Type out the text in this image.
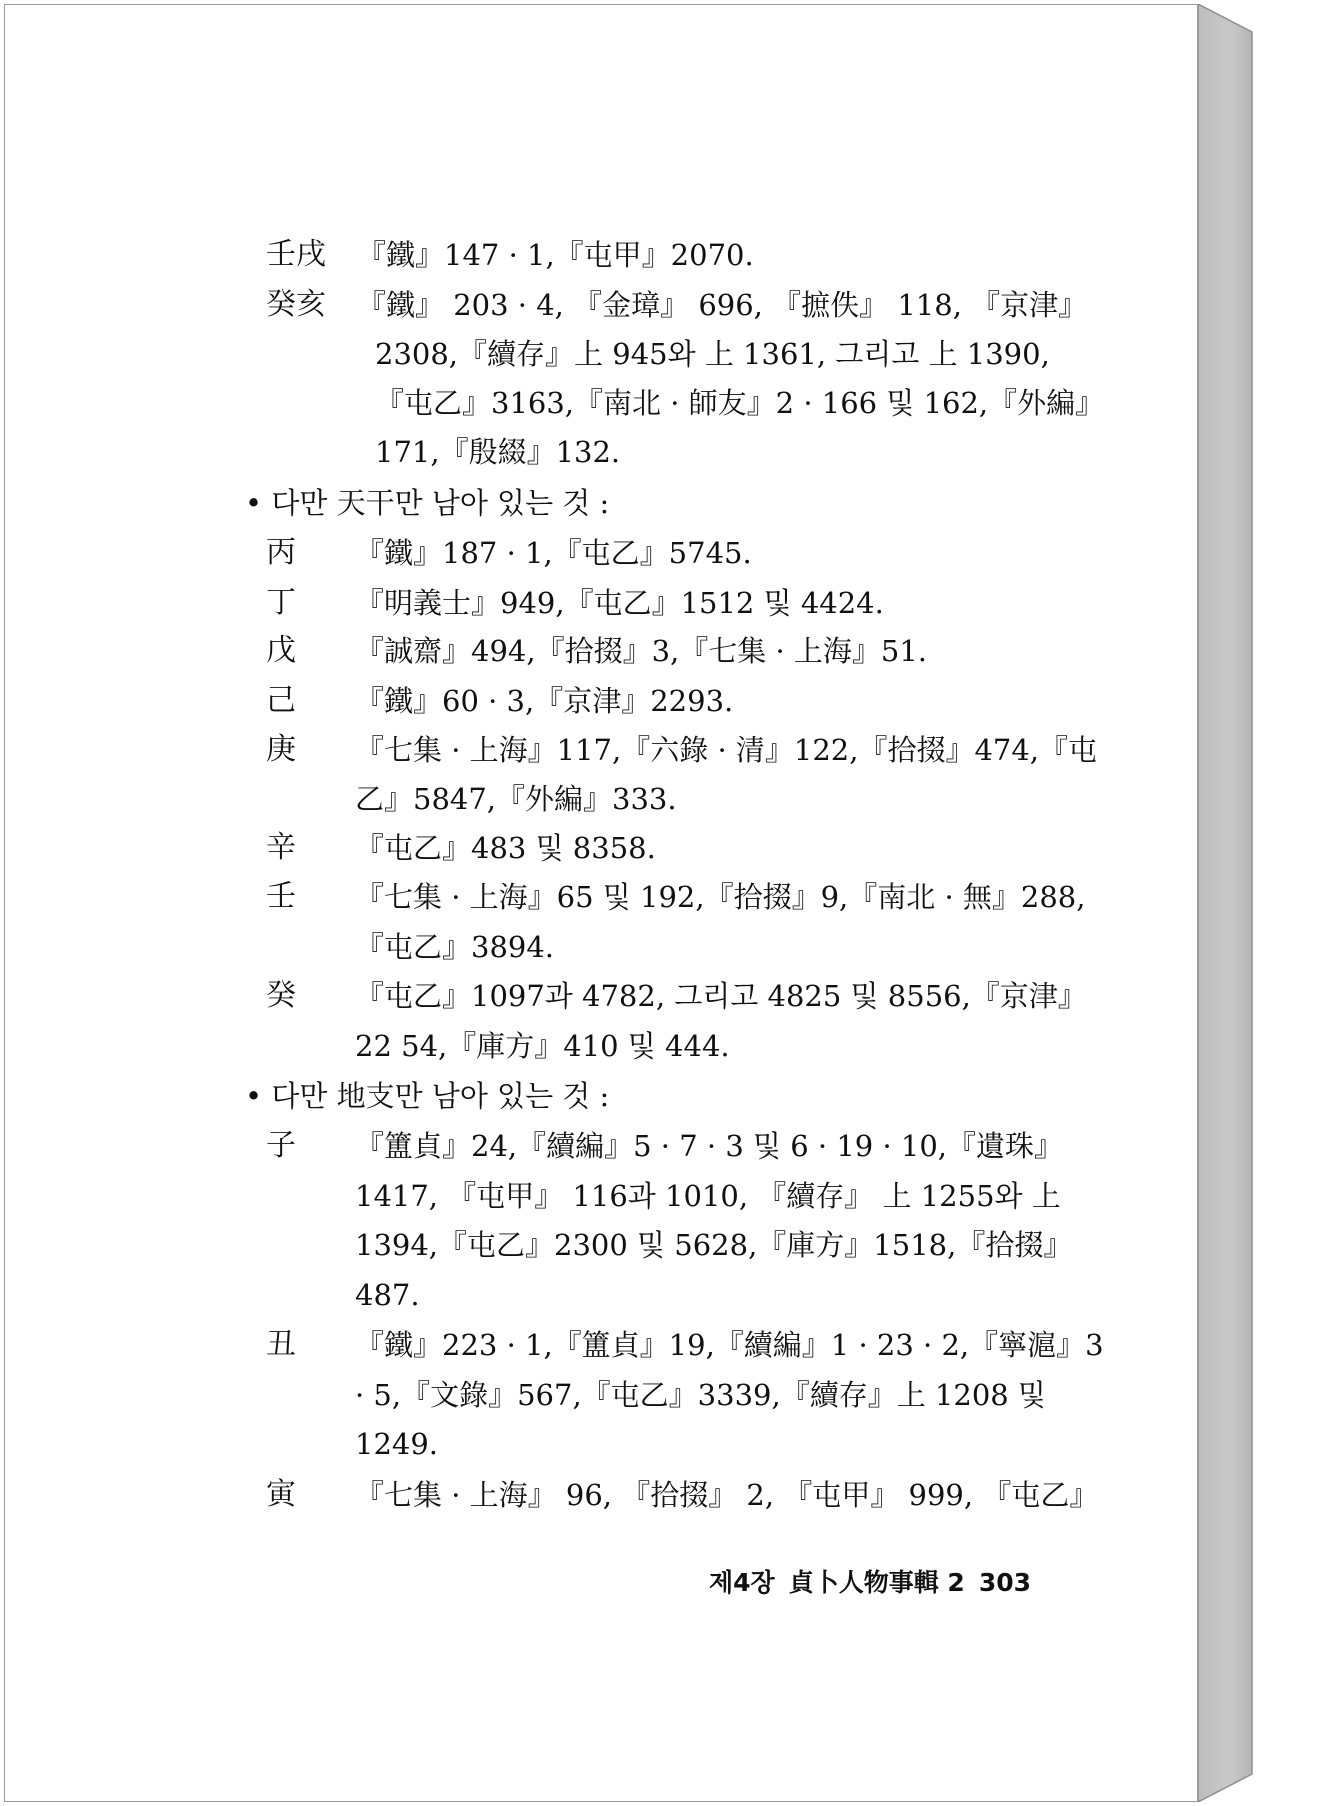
壬戌 『鐵』147 · 1,『屯甲』2070.
癸亥 『鐵』 203 · 4, 『金璋』 696, 『摭佚』 118, 『京津』
2308,『續存』上 945와 上 1361, 그리고 上 1390,
『屯乙』3163,『南北 · 師友』2 · 166 및 162,『外編』
171,『殷綴』132.
• 다만 天干만 남아 있는 것 :
丙 『鐵』187 · 1,『屯乙』5745.
丁 『明義士』949,『屯乙』1512 및 4424.
戊 『誠齋』494,『拾掇』3,『七集 · 上海』51.
己 『鐵』60 · 3,『京津』2293.
庚 『七集 · 上海』117,『六錄 · 清』122,『拾掇』474,『屯
乙』5847,『外編』333.
辛 『屯乙』483 및 8358.
壬 『七集 · 上海』65 및 192,『拾掇』9,『南北 · 無』288,
『屯乙』3894.
癸 『屯乙』1097과 4782, 그리고 4825 및 8556,『京津』
22 54,『庫方』410 및 444.
• 다만 地支만 남아 있는 것 :
子 『簠貞』24,『續編』5 · 7 · 3 및 6 · 19 · 10,『遺珠』
1417, 『屯甲』 116과 1010, 『續存』 上 1255와 上
1394,『屯乙』2300 및 5628,『庫方』1518,『拾掇』
487.
丑 『鐵』223 · 1,『簠貞』19,『續編』1 · 23 · 2,『寧滬』3
· 5,『文錄』567,『屯乙』3339,『續存』上 1208 및
1249.
寅 『七集 · 上海』 96, 『拾掇』 2, 『屯甲』 999, 『屯乙』
제4장 貞卜人物事輯 2 303
